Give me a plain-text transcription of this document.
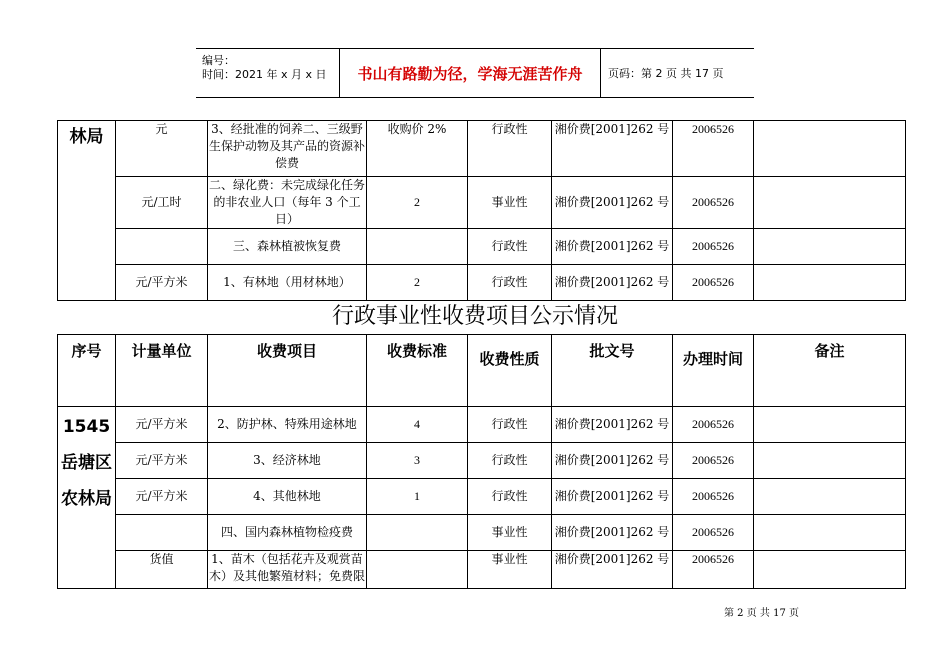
编号：
时间：2021 年 x 月 x 日	书山有路勤为径，学海无涯苦作舟	页码：第 2 页 共 17 页
林局	元	3、经批准的饲养二、三级野生保护动物及其产品的资源补偿费	收购价 2%	行政性	湘价费[2001]262 号	2006526	
	元/工时	二、绿化费：未完成绿化任务的非农业人口（每年 3 个工日）	2	事业性	湘价费[2001]262 号	2006526	
		三、森林植被恢复费		行政性	湘价费[2001]262 号	2006526	
	元/平方米	1、有林地（用材林地）	2	行政性	湘价费[2001]262 号	2006526	
行政事业性收费项目公示情况
序号	计量单位	收费项目	收费标准	收费性质	批文号	办理时间	备注
1545 岳塘区农林局	元/平方米	2、防护林、特殊用途林地	4	行政性	湘价费[2001]262 号	2006526	
	元/平方米	3、经济林地	3	行政性	湘价费[2001]262 号	2006526	
	元/平方米	4、其他林地	1	行政性	湘价费[2001]262 号	2006526	
		四、国内森林植物检疫费		事业性	湘价费[2001]262 号	2006526	
	货值	1、苗木（包括花卉及观赏苗木）及其他繁殖材料；免费限		事业性	湘价费[2001]262 号	2006526	
第 2 页 共 17 页
